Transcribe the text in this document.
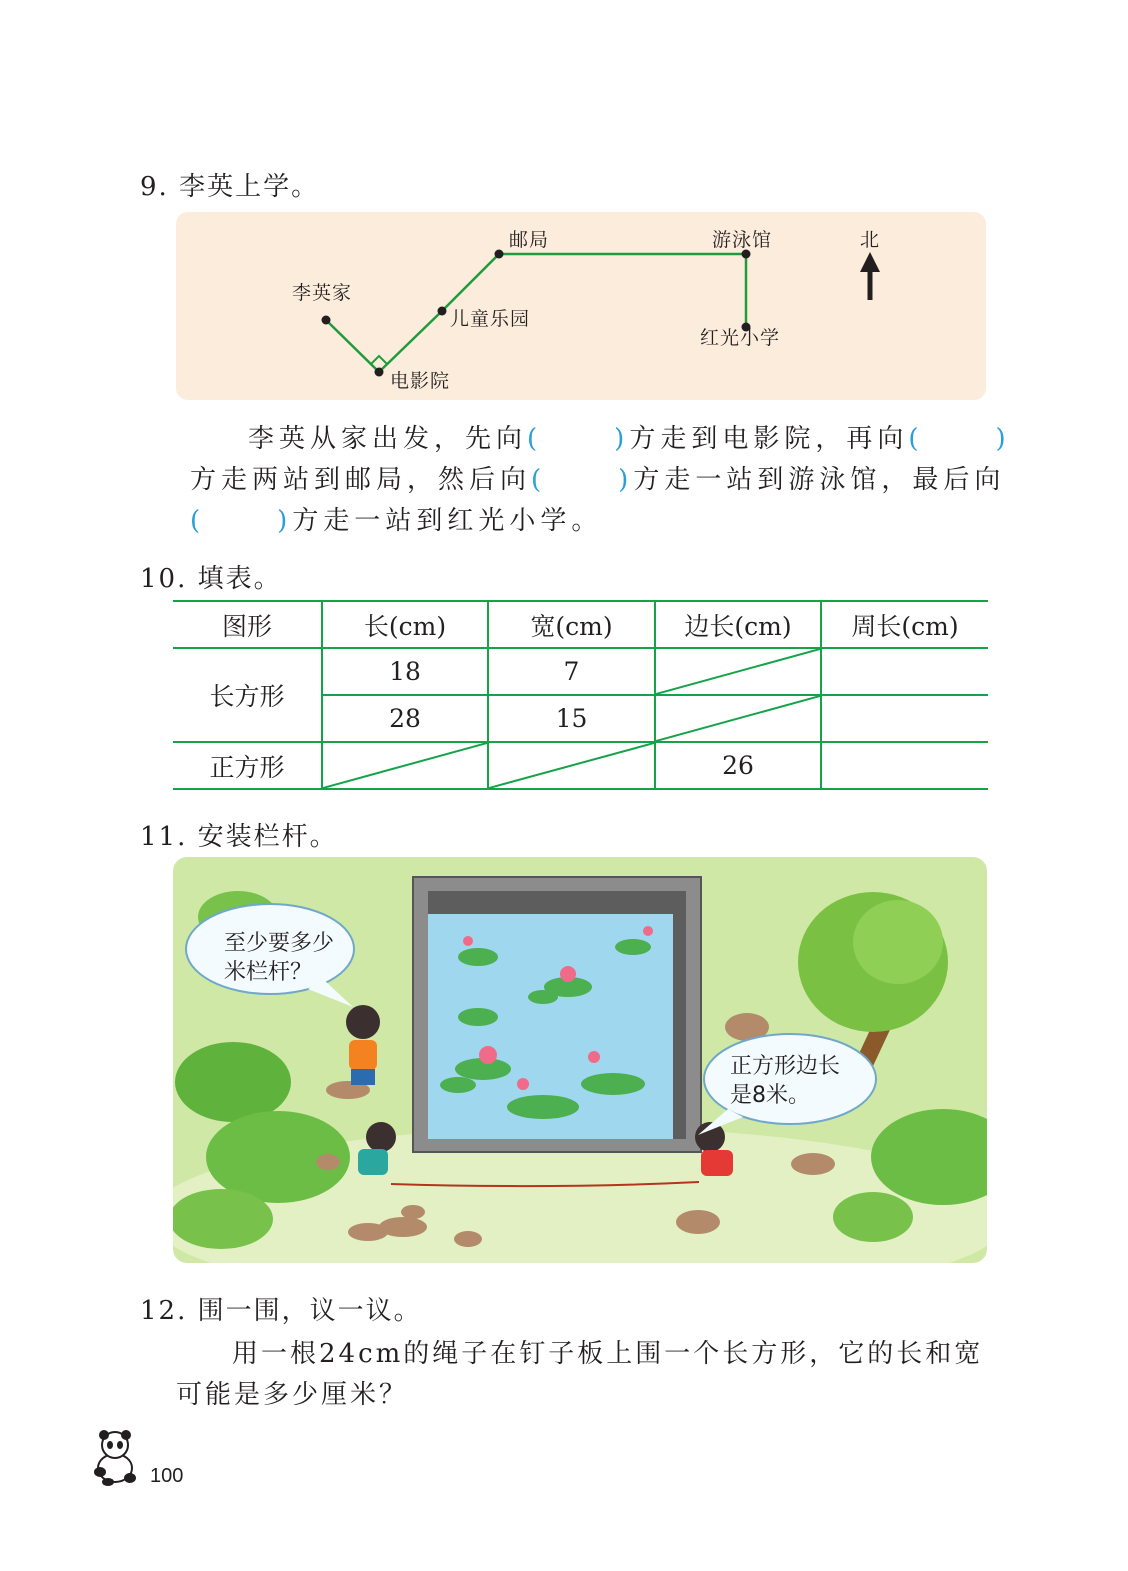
9. 李英上学。
李英家
电影院
儿童乐园
邮局	游泳馆
红光小学
北
李英从家出发，先向(	)方走到电影院，再向(	)
方走两站到邮局，然后向(	)方走一站到游泳馆，最后向
(	)方走一站到红光小学。
10. 填表。
图形	长(cm)	宽(cm)	边长(cm)	周长(cm)
长方形	18	7	

	28	15	

正方形			26	
11. 安装栏杆。
至少要多少
米栏杆？
正方形边长
是8米。
12. 围一围，议一议。
用一根24cm的绳子在钉子板上围一个长方形，它的长和宽
可能是多少厘米？
100
